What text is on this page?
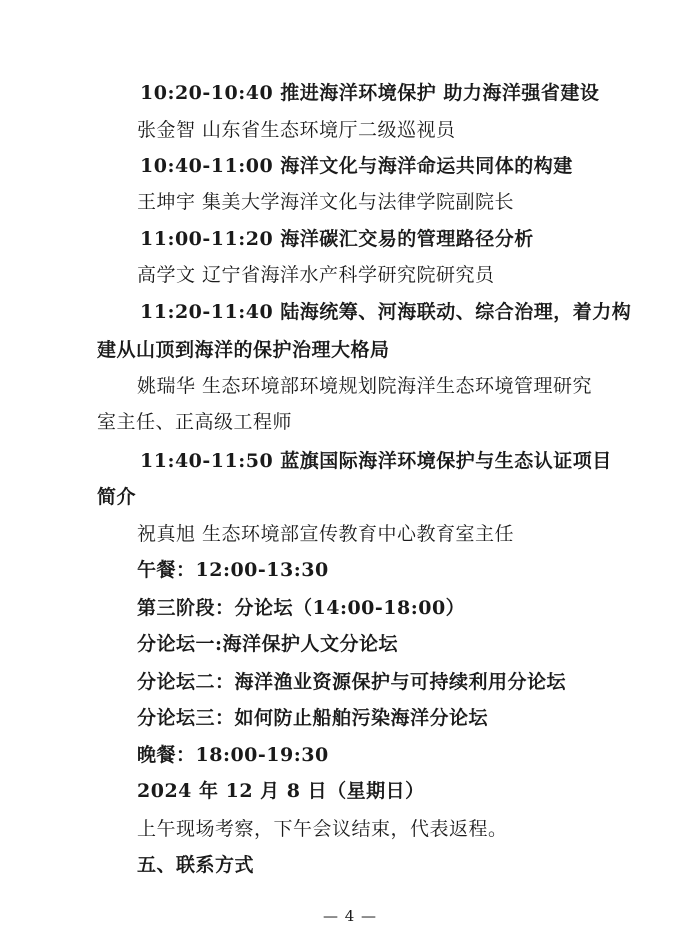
10:20-10:40 推进海洋环境保护 助力海洋强省建设
张金智 山东省生态环境厅二级巡视员
10:40-11:00 海洋文化与海洋命运共同体的构建
王坤宇 集美大学海洋文化与法律学院副院长
11:00-11:20 海洋碳汇交易的管理路径分析
高学文 辽宁省海洋水产科学研究院研究员
11:20-11:40 陆海统筹、河海联动、综合治理，着力构
建从山顶到海洋的保护治理大格局
姚瑞华 生态环境部环境规划院海洋生态环境管理研究
室主任、正高级工程师
11:40-11:50 蓝旗国际海洋环境保护与生态认证项目
简介
祝真旭 生态环境部宣传教育中心教育室主任
午餐：12:00-13:30
第三阶段：分论坛（14:00-18:00）
分论坛一:海洋保护人文分论坛
分论坛二：海洋渔业资源保护与可持续利用分论坛
分论坛三：如何防止船舶污染海洋分论坛
晚餐：18:00-19:30
2024 年 12 月 8 日（星期日）
上午现场考察，下午会议结束，代表返程。
五、联系方式
— 4 —
